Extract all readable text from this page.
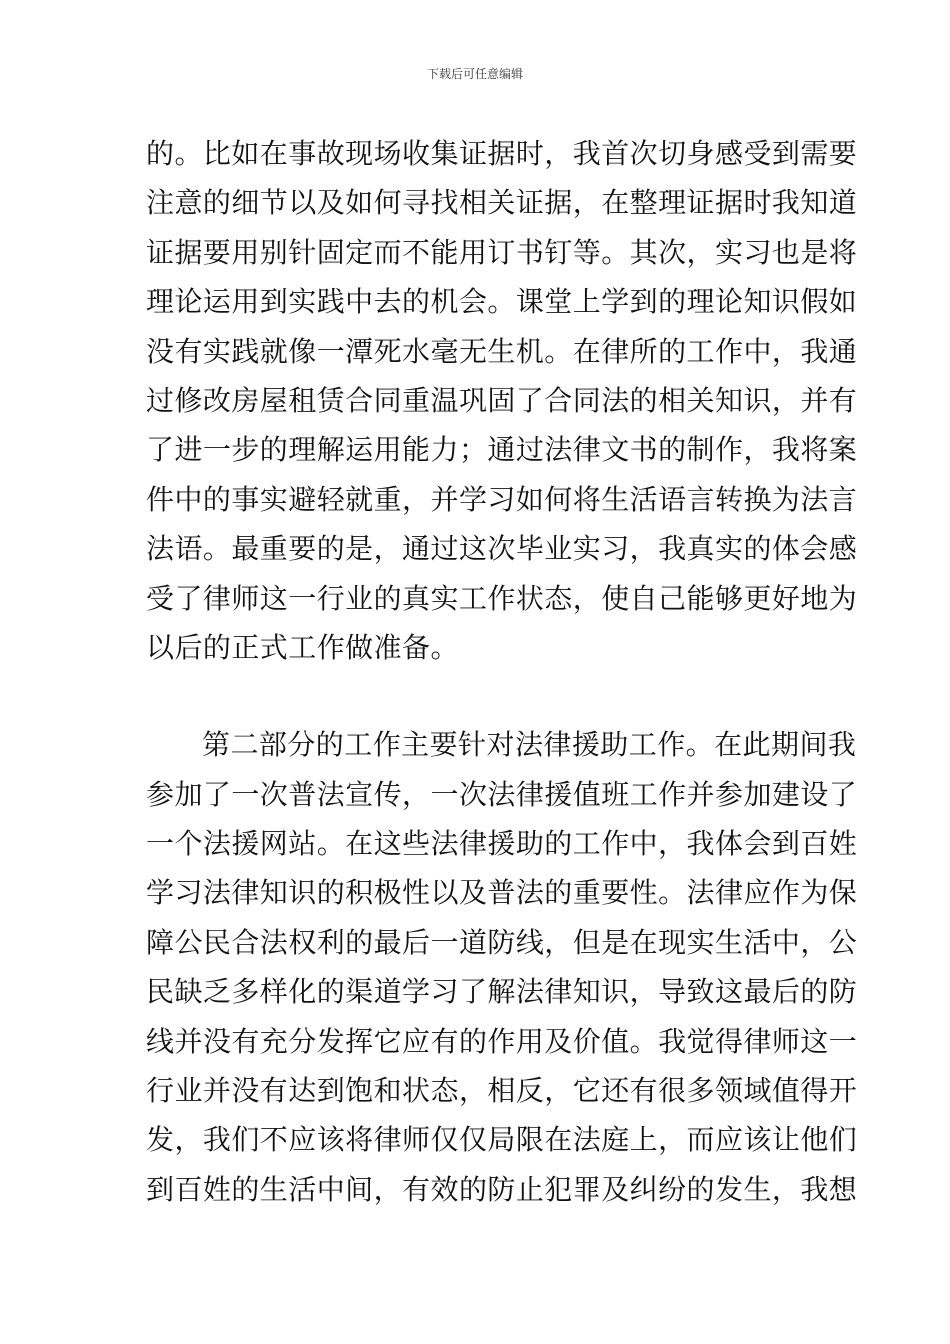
下载后可任意编辑
的。比如在事故现场收集证据时，我首次切身感受到需要
注意的细节以及如何寻找相关证据，在整理证据时我知道
证据要用别针固定而不能用订书钉等。其次，实习也是将
理论运用到实践中去的机会。课堂上学到的理论知识假如
没有实践就像一潭死水毫无生机。在律所的工作中，我通
过修改房屋租赁合同重温巩固了合同法的相关知识，并有
了进一步的理解运用能力；通过法律文书的制作，我将案
件中的事实避轻就重，并学习如何将生活语言转换为法言
法语。最重要的是，通过这次毕业实习，我真实的体会感
受了律师这一行业的真实工作状态，使自己能够更好地为
以后的正式工作做准备。
第二部分的工作主要针对法律援助工作。在此期间我
参加了一次普法宣传，一次法律援值班工作并参加建设了
一个法援网站。在这些法律援助的工作中，我体会到百姓
学习法律知识的积极性以及普法的重要性。法律应作为保
障公民合法权利的最后一道防线，但是在现实生活中，公
民缺乏多样化的渠道学习了解法律知识，导致这最后的防
线并没有充分发挥它应有的作用及价值。我觉得律师这一
行业并没有达到饱和状态，相反，它还有很多领域值得开
发，我们不应该将律师仅仅局限在法庭上，而应该让他们
到百姓的生活中间，有效的防止犯罪及纠纷的发生，我想
